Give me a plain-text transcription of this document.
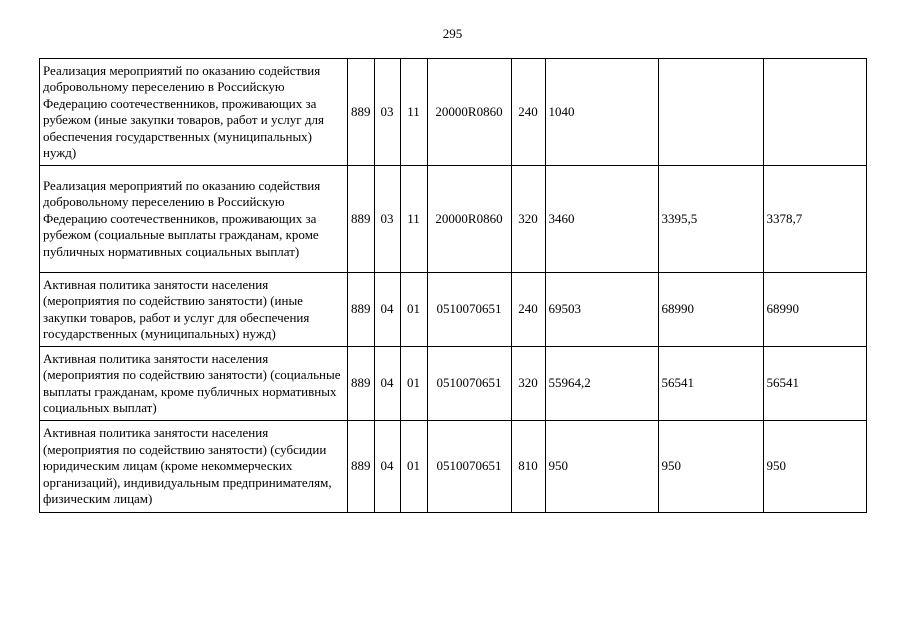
295
Реализация мероприятий по оказанию содействия добровольному переселению в Российскую Федерацию соотечественников, проживающих за рубежом (иные закупки товаров, работ и услуг для обеспечения государственных (муниципальных) нужд)	889	03	11	20000R0860	240	1040		
Реализация мероприятий по оказанию содействия добровольному переселению в Российскую Федерацию соотечественников, проживающих за рубежом (социальные выплаты гражданам, кроме публичных нормативных социальных выплат)	889	03	11	20000R0860	320	3460	3395,5	3378,7
Активная политика занятости населения (мероприятия по содействию занятости) (иные закупки товаров, работ и услуг для обеспечения государственных (муниципальных) нужд)	889	04	01	0510070651	240	69503	68990	68990
Активная политика занятости населения (мероприятия по содействию занятости) (социальные выплаты гражданам, кроме публичных нормативных социальных выплат)	889	04	01	0510070651	320	55964,2	56541	56541
Активная политика занятости населения (мероприятия по содействию занятости) (субсидии юридическим лицам (кроме некоммерческих организаций), индивидуальным предпринимателям, физическим лицам)	889	04	01	0510070651	810	950	950	950
